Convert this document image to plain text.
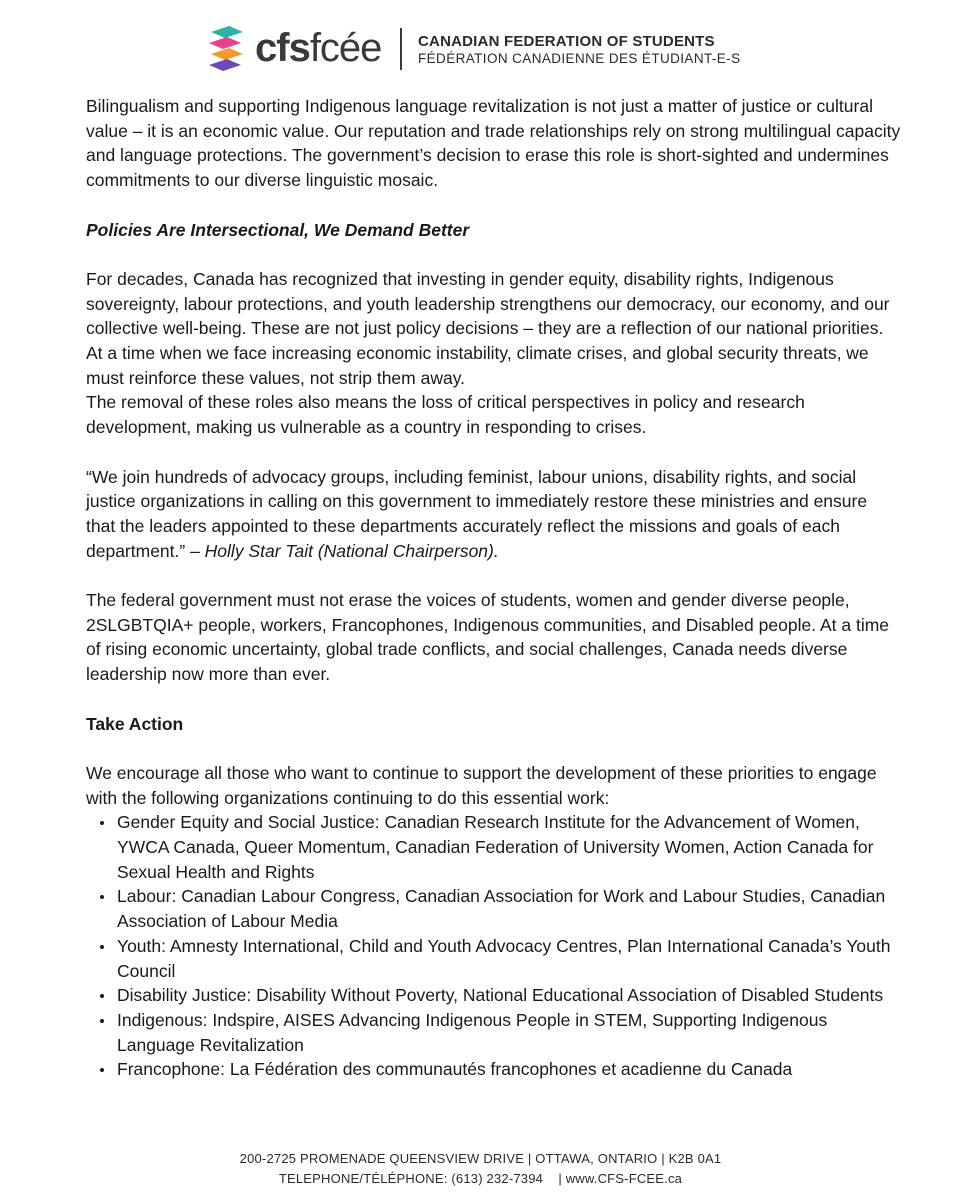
cfsfcée CANADIAN FEDERATION OF STUDENTS
FÉDÉRATION CANADIENNE DES ÉTUDIANT-E-S

Bilingualism and supporting Indigenous language revitalization is not just a matter of justice or cultural value – it is an economic value. Our reputation and trade relationships rely on strong multilingual capacity and language protections. The government’s decision to erase this role is short-sighted and undermines commitments to our diverse linguistic mosaic.

Policies Are Intersectional, We Demand Better

For decades, Canada has recognized that investing in gender equity, disability rights, Indigenous sovereignty, labour protections, and youth leadership strengthens our democracy, our economy, and our collective well-being. These are not just policy decisions – they are a reflection of our national priorities. At a time when we face increasing economic instability, climate crises, and global security threats, we must reinforce these values, not strip them away.

The removal of these roles also means the loss of critical perspectives in policy and research development, making us vulnerable as a country in responding to crises.

“We join hundreds of advocacy groups, including feminist, labour unions, disability rights, and social justice organizations in calling on this government to immediately restore these ministries and ensure that the leaders appointed to these departments accurately reflect the missions and goals of each department.” – Holly Star Tait (National Chairperson).

The federal government must not erase the voices of students, women and gender diverse people, 2SLGBTQIA+ people, workers, Francophones, Indigenous communities, and Disabled people. At a time of rising economic uncertainty, global trade conflicts, and social challenges, Canada needs diverse leadership now more than ever.

Take Action

We encourage all those who want to continue to support the development of these priorities to engage with the following organizations continuing to do this essential work:

Gender Equity and Social Justice: Canadian Research Institute for the Advancement of Women, YWCA Canada, Queer Momentum, Canadian Federation of University Women, Action Canada for Sexual Health and Rights
Labour: Canadian Labour Congress, Canadian Association for Work and Labour Studies, Canadian Association of Labour Media
Youth: Amnesty International, Child and Youth Advocacy Centres, Plan International Canada’s Youth Council
Disability Justice: Disability Without Poverty, National Educational Association of Disabled Students
Indigenous: Indspire, AISES Advancing Indigenous People in STEM, Supporting Indigenous Language Revitalization
Francophone: La Fédération des communautés francophones et acadienne du Canada
200-2725 PROMENADE QUEENSVIEW DRIVE | OTTAWA, ONTARIO | K2B 0A1
TELEPHONE/TÉLÉPHONE: (613) 232-7394    | www.CFS-FCEE.ca
